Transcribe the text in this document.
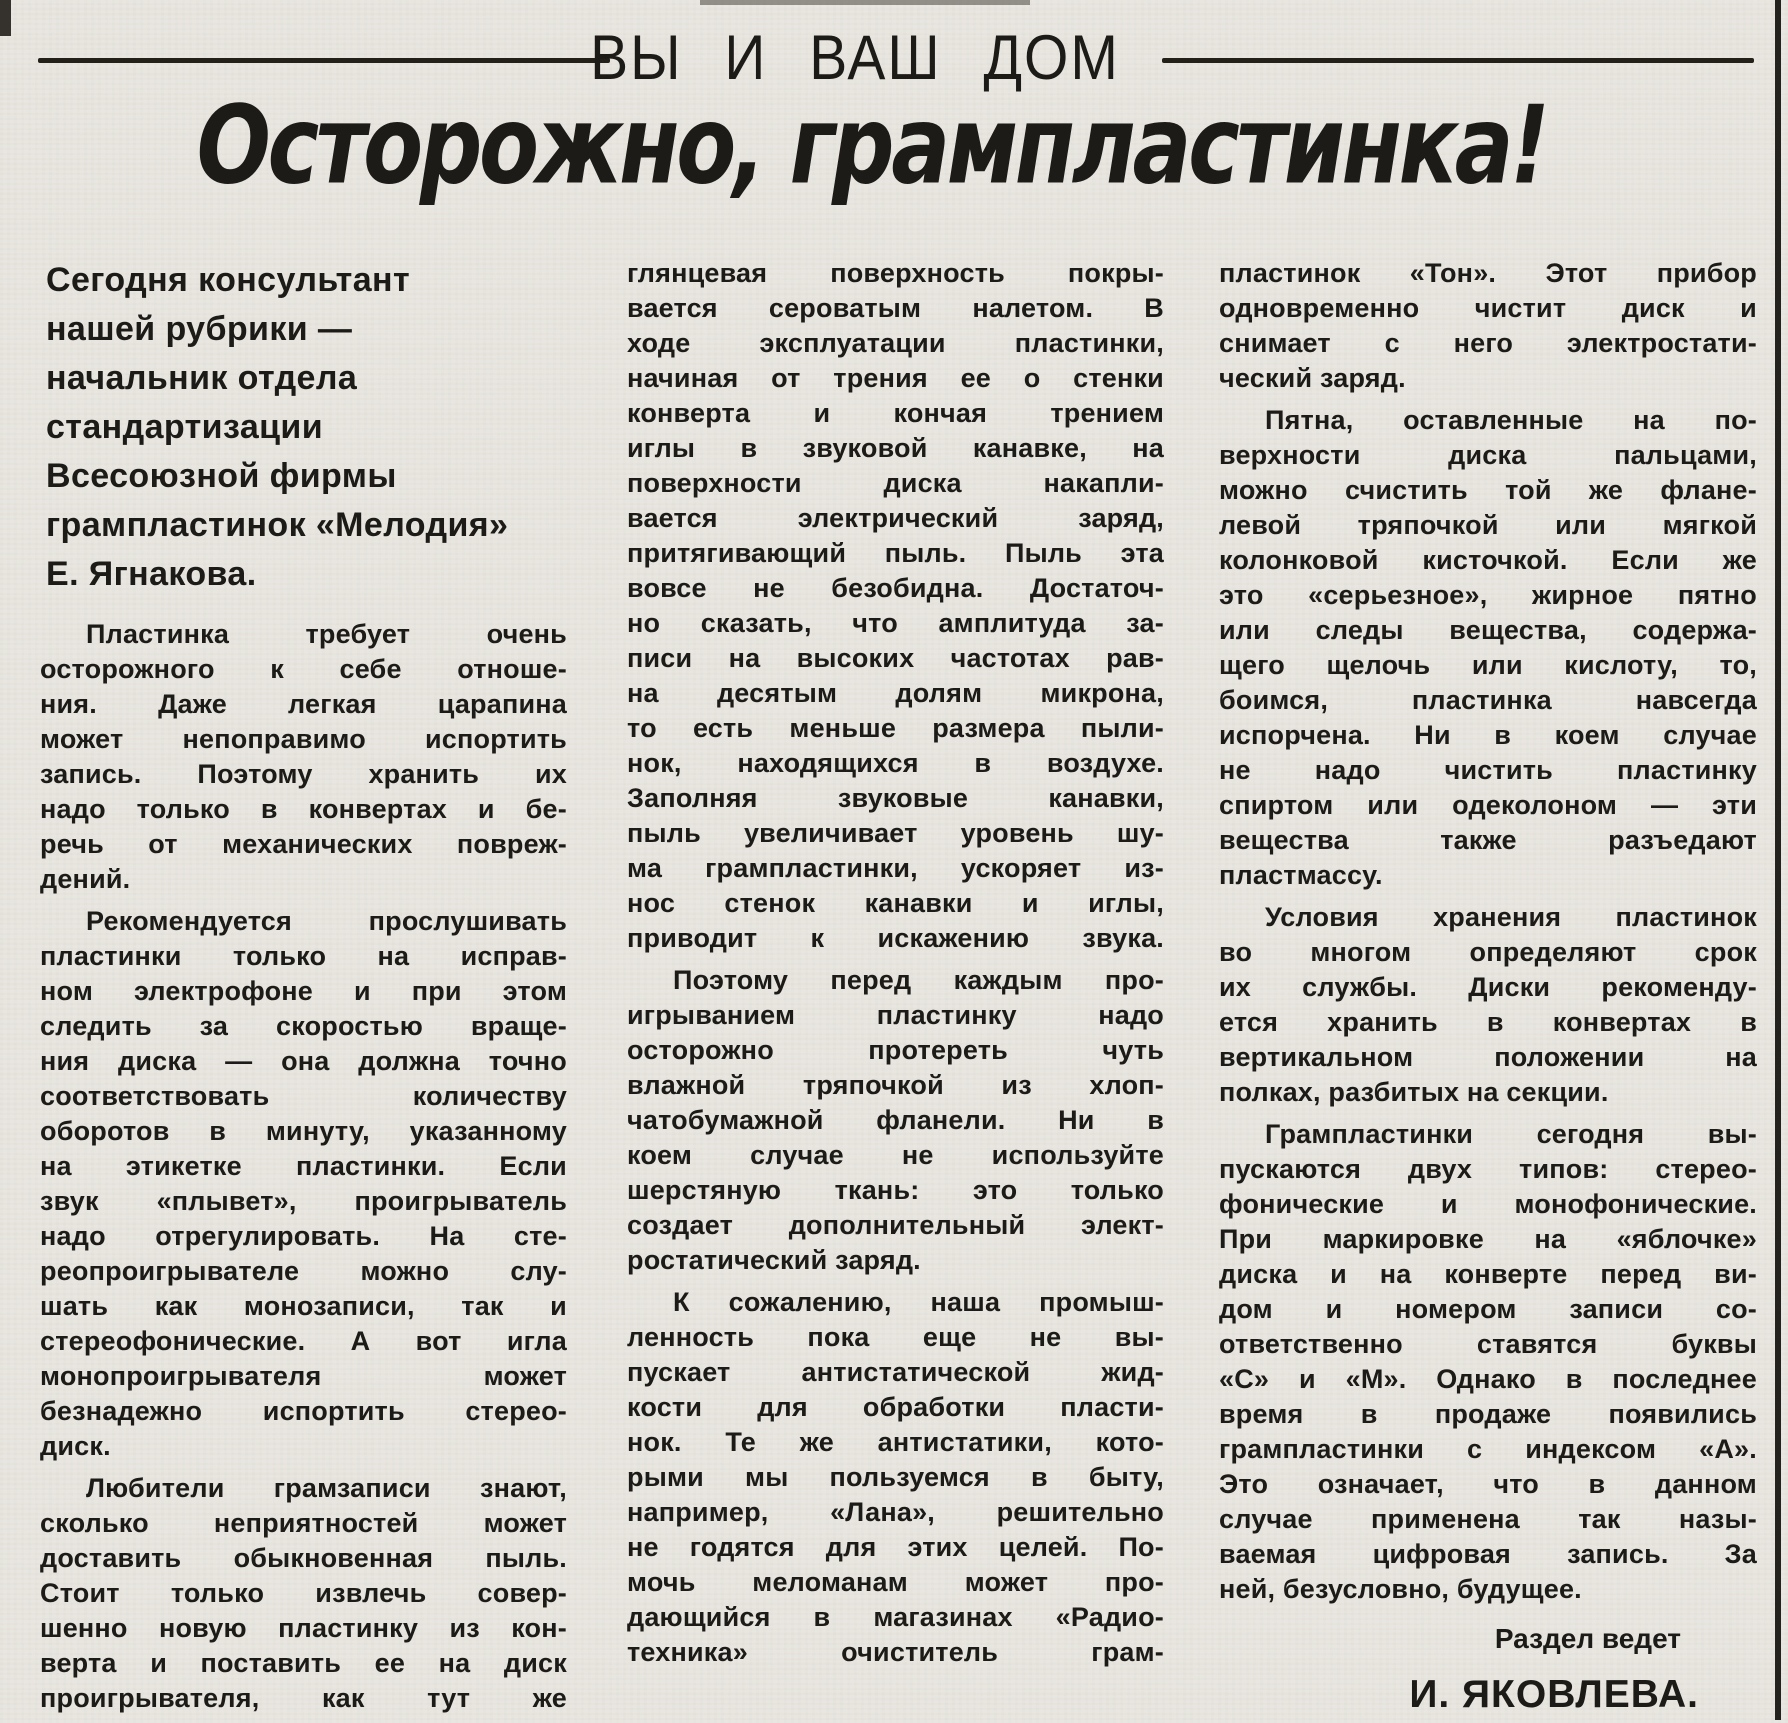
ВЫ И ВАШ ДОМ
Осторожно, грампластинка!
Сегодня консультант
нашей рубрики —
начальник отдела
стандартизации
Всесоюзной фирмы
грампластинок «Мелодия»
Е. Ягнакова.
Пластинка	требует	очень
осторожного к себе отноше-
ния. Даже легкая царапина
может непоправимо испортить
запись. Поэтому хранить их
надо только в конвертах и бе-
речь от механических повреж-
дений.
Рекомендуется	прослушивать
пластинки только на исправ-
ном электрофоне и при этом
следить за скоростью враще-
ния диска — она должна точно
соответствовать	количеству
оборотов в минуту, указанному
на этикетке пластинки. Если
звук «плывет», проигрыватель
надо отрегулировать. На сте-
реопроигрывателе можно слу-
шать как монозаписи, так и
стереофонические. А вот игла
монопроигрывателя	может
безнадежно испортить стерео-
диск.
Любители грамзаписи знают,
сколько неприятностей может
доставить обыкновенная пыль.
Стоит только извлечь совер-
шенно новую пластинку из кон-
верта и поставить ее на диск
проигрывателя, как тут же
глянцевая поверхность покры-
вается сероватым налетом. В
ходе	эксплуатации	пластинки,
начиная от трения ее о стенки
конверта и кончая трением
иглы в звуковой канавке, на
поверхности	диска	накапли-
вается	электрический	заряд,
притягивающий пыль. Пыль эта
вовсе не безобидна. Достаточ-
но сказать, что амплитуда за-
писи на высоких частотах рав-
на десятым долям микрона,
то есть меньше размера пыли-
нок, находящихся в воздухе.
Заполняя	звуковые	канавки,
пыль увеличивает уровень шу-
ма грампластинки, ускоряет из-
нос стенок канавки и иглы,
приводит к искажению звука.
Поэтому перед каждым про-
игрыванием	пластинку	надо
осторожно	протереть	чуть
влажной тряпочкой из хлоп-
чатобумажной фланели. Ни в
коем случае не используйте
шерстяную ткань: это только
создает дополнительный элект-
ростатический заряд.
К сожалению, наша промыш-
ленность пока еще не вы-
пускает	антистатической	жид-
кости для обработки пласти-
нок. Те же антистатики, кото-
рыми мы пользуемся в быту,
например, «Лана», решительно
не годятся для этих целей. По-
мочь меломанам может про-
дающийся в магазинах «Радио-
техника»	очиститель	грам-
пластинок «Тон». Этот прибор
одновременно чистит диск и
снимает с него электростати-
ческий заряд.
Пятна, оставленные на по-
верхности	диска	пальцами,
можно счистить той же флане-
левой тряпочкой или мягкой
колонковой кисточкой. Если же
это «серьезное», жирное пятно
или следы вещества, содержа-
щего щелочь или кислоту, то,
боимся,	пластинка	навсегда
испорчена. Ни в коем случае
не надо чистить пластинку
спиртом или одеколоном — эти
вещества	также	разъедают
пластмассу.
Условия хранения пластинок
во многом определяют срок
их службы. Диски рекоменду-
ется хранить в конвертах в
вертикальном	положении	на
полках, разбитых на секции.
Грампластинки сегодня вы-
пускаются двух типов: стерео-
фонические и монофонические.
При маркировке на «яблочке»
диска и на конверте перед ви-
дом и номером записи со-
ответственно	ставятся	буквы
«С» и «М». Однако в последнее
время в продаже появились
грампластинки с индексом «А».
Это означает, что в данном
случае применена так назы-
ваемая цифровая запись. За
ней, безусловно, будущее.
Раздел ведет
И. ЯКОВЛЕВА.
